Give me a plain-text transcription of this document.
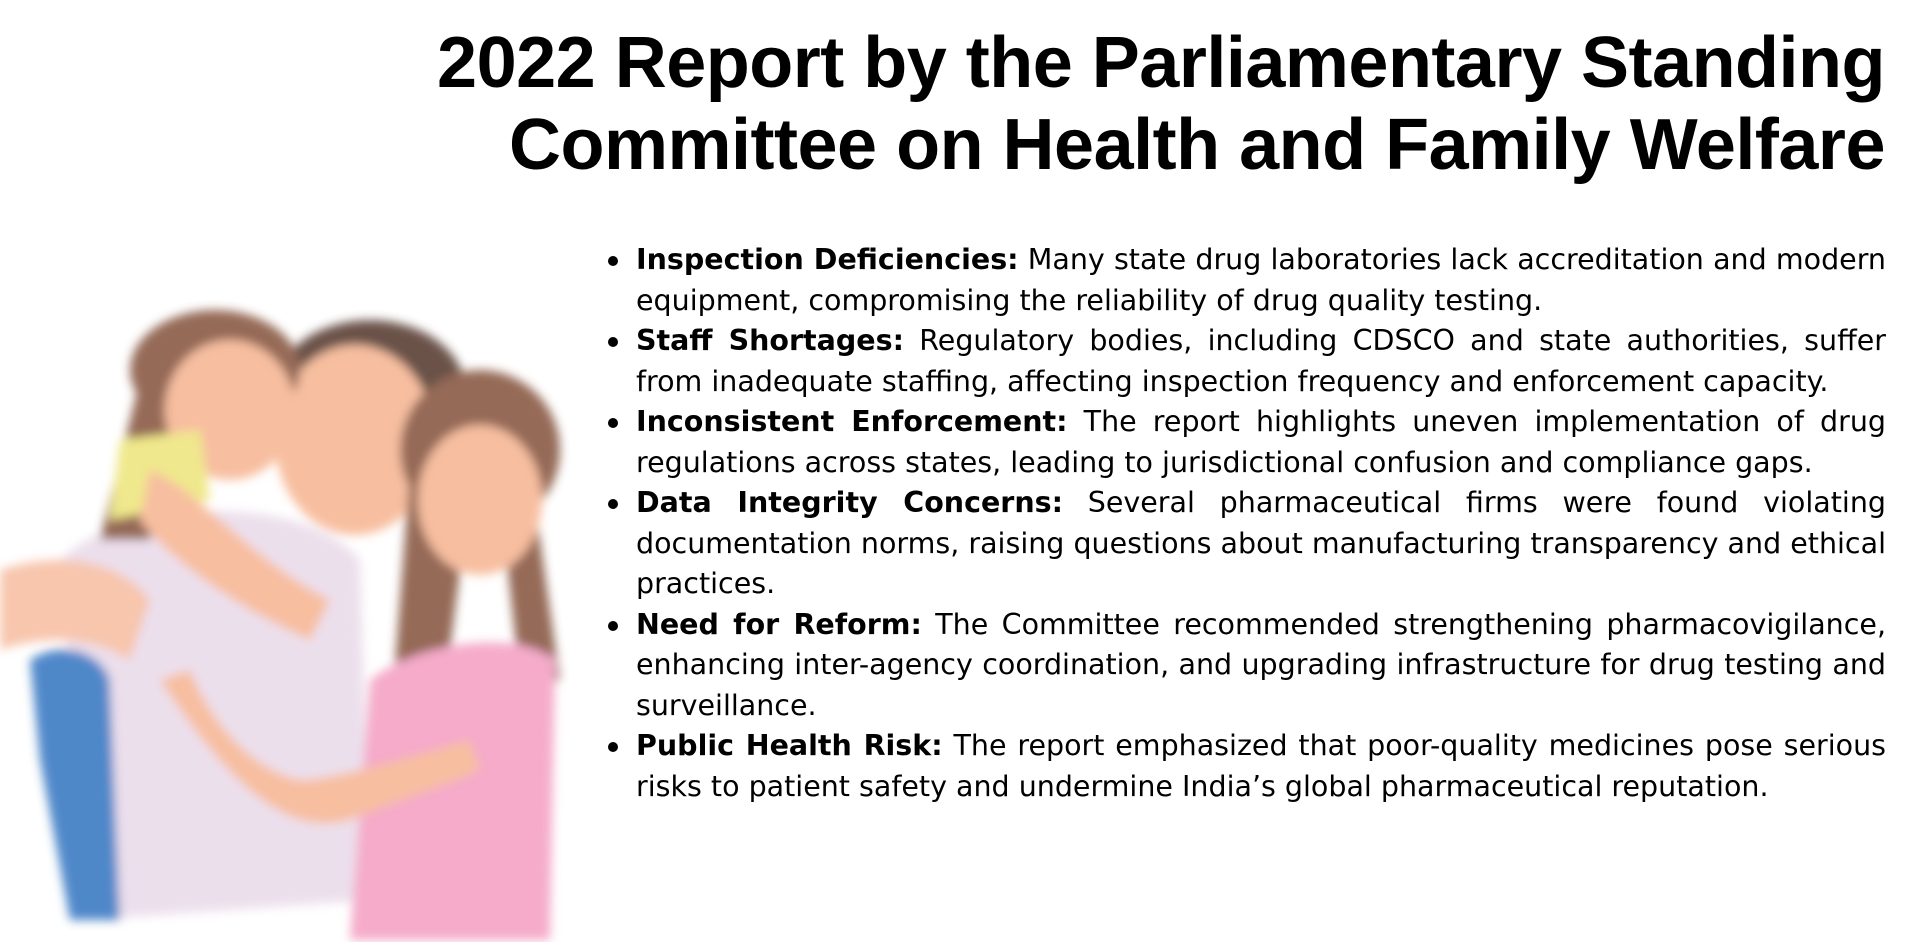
2022 Report by the Parliamentary Standing
Committee on Health and Family Welfare
Inspection Deficiencies: Many state drug laboratories lack accreditation and modern equipment, compromising the reliability of drug quality testing.
Staff Shortages: Regulatory bodies, including CDSCO and state authorities, suffer from inadequate staffing, affecting inspection frequency and enforcement capacity.
Inconsistent Enforcement: The report highlights uneven implementation of drug regulations across states, leading to jurisdictional confusion and compliance gaps.
Data Integrity Concerns: Several pharmaceutical firms were found violating documentation norms, raising questions about manufacturing transparency and ethical practices.
Need for Reform: The Committee recommended strengthening pharmacovigilance, enhancing inter-agency coordination, and upgrading infrastructure for drug testing and surveillance.
Public Health Risk: The report emphasized that poor-quality medicines pose serious risks to patient safety and undermine India’s global pharmaceutical reputation.
